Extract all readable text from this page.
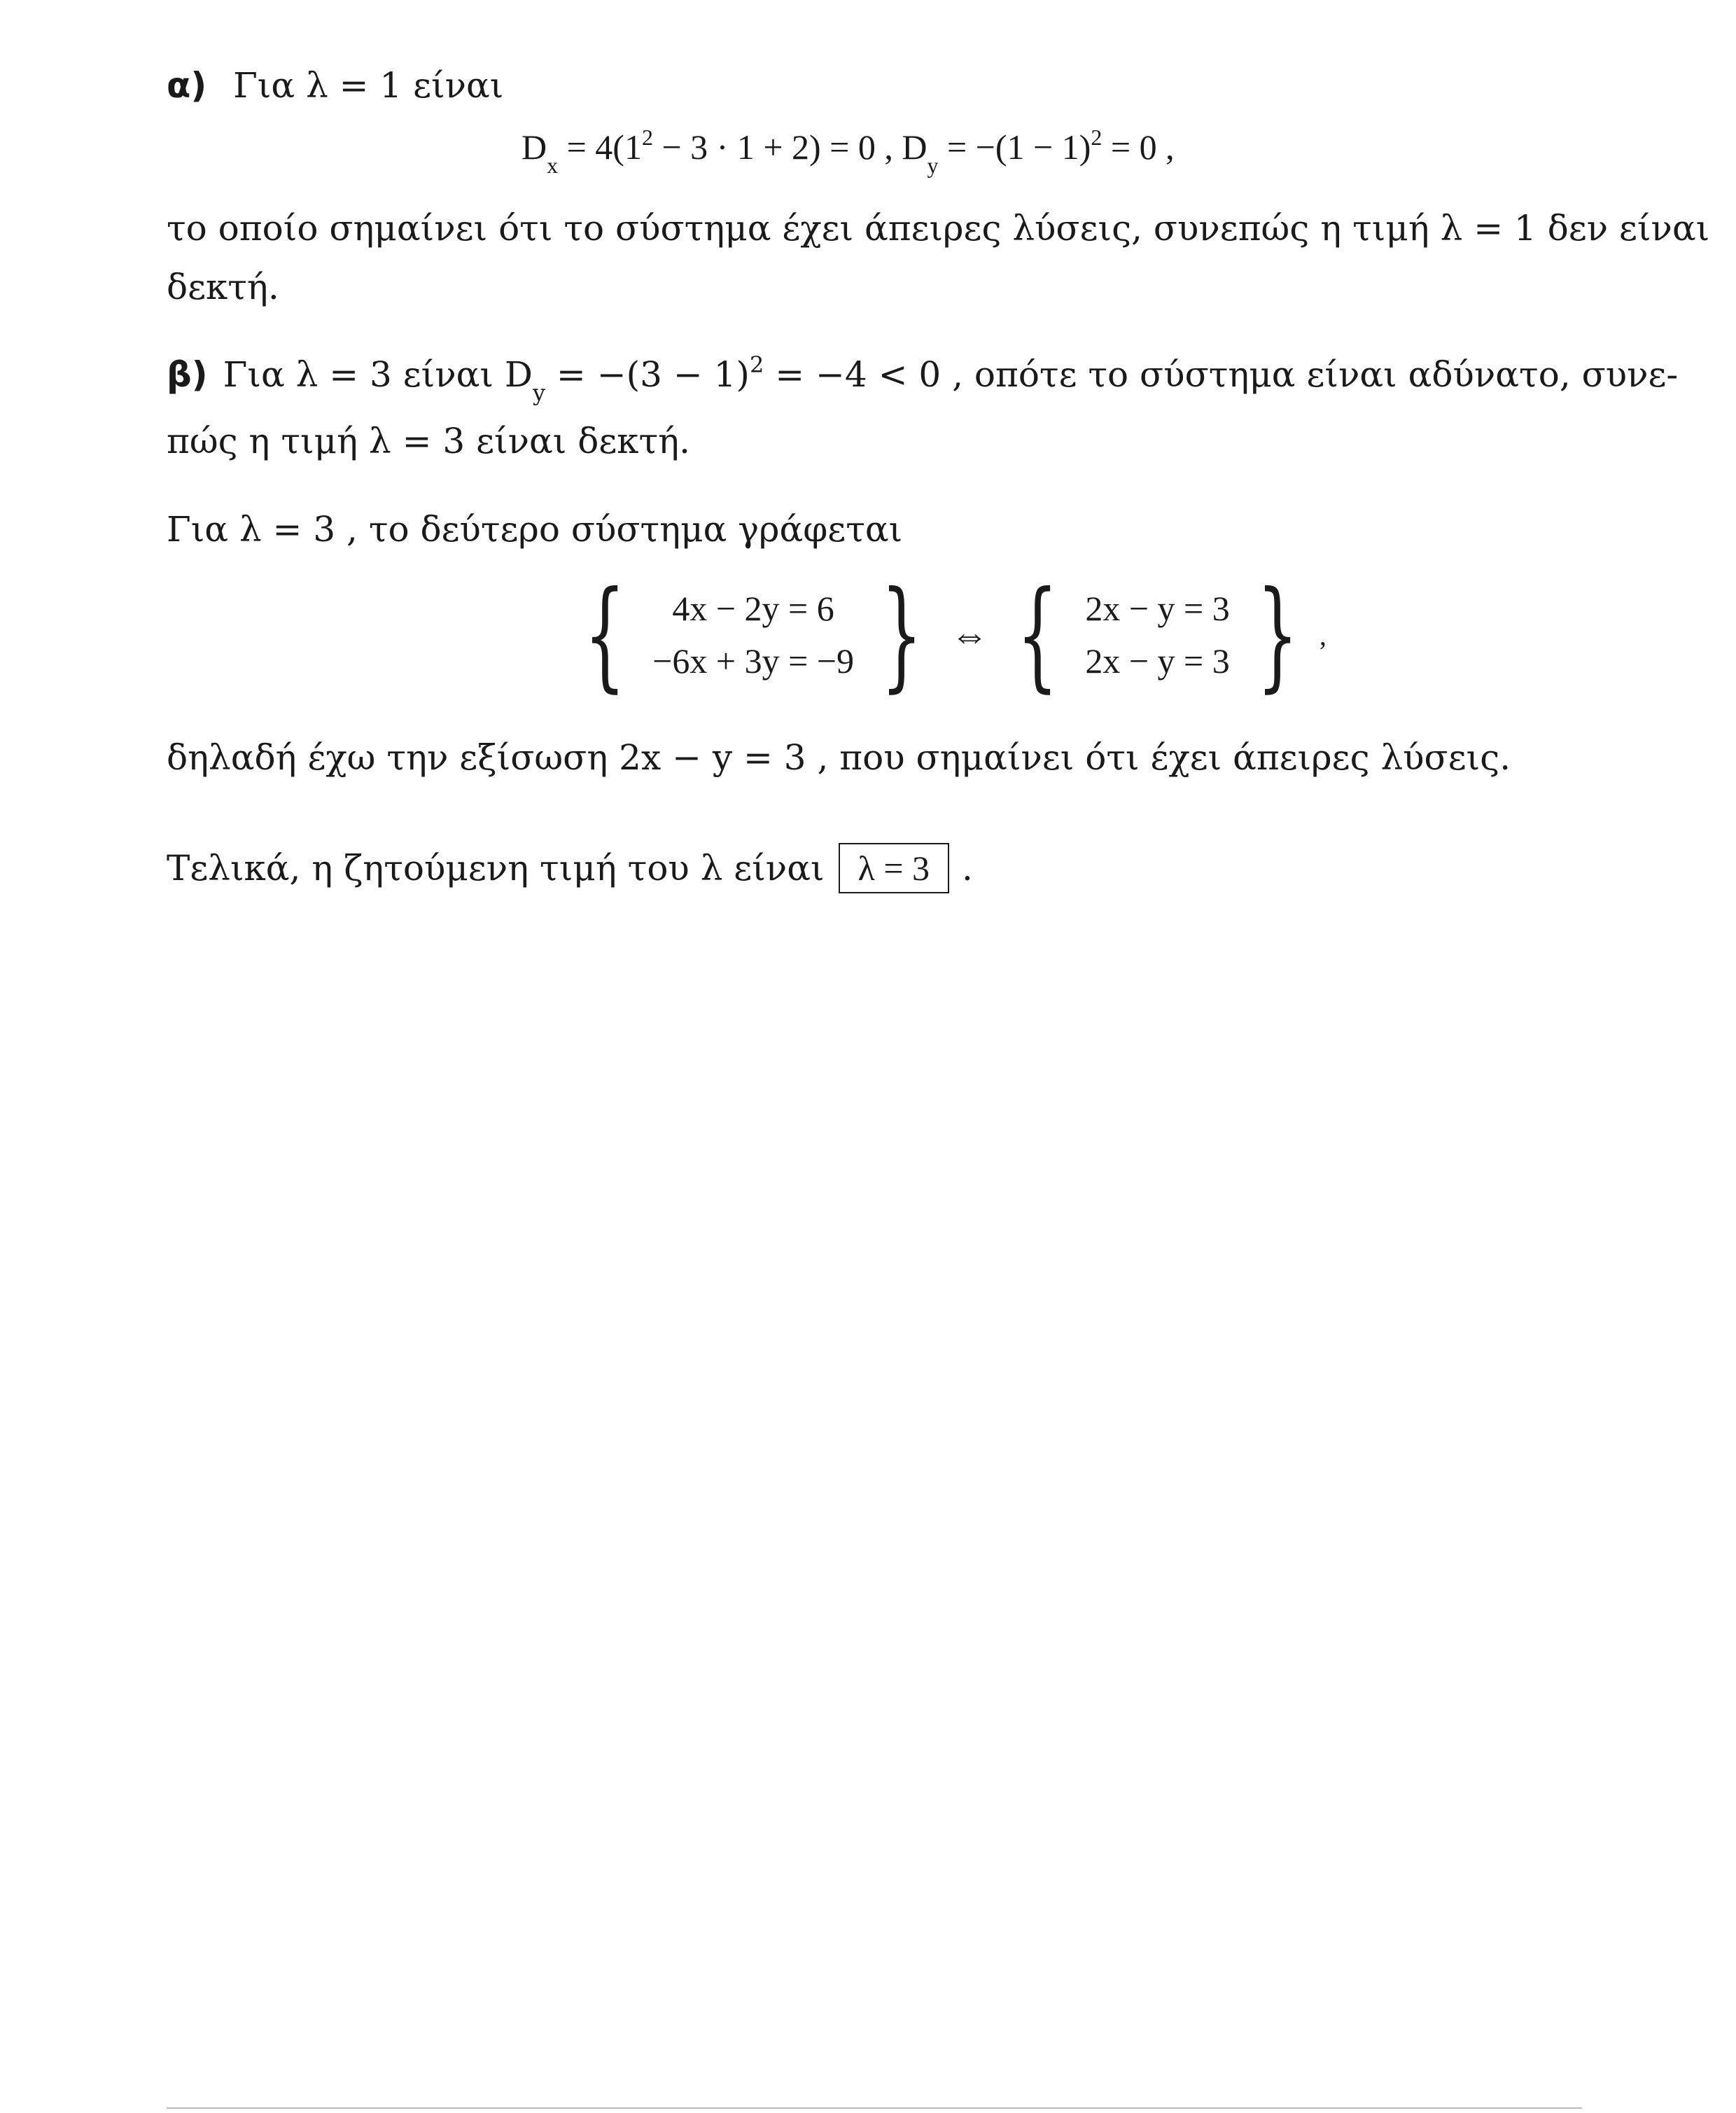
α) Για λ = 1 είναι
$D_x = 4(1^2 - 3 \cdot 1 + 2) = 0$ , $D_y = -(1 - 1)^2 = 0$ ,
το οποίο σημαίνει ότι το σύστημα έχει άπειρες λύσεις, συνεπώς η τιμή λ = 1 δεν είναι
δεκτή.
β) Για λ = 3 είναι $D_y = -(3 - 1)^2 = -4 < 0$ , οπότε το σύστημα είναι αδύνατο, συνε-
πώς η τιμή λ = 3 είναι δεκτή.
Για λ = 3 , το δεύτερο σύστημα γράφεται
{ 4x − 2y = 6
−6x + 3y = −9 } ⇔ { 2x − y = 3
2x − y = 3 } ,
δηλαδή έχω την εξίσωση 2x − y = 3 , που σημαίνει ότι έχει άπειρες λύσεις.
Τελικά, η ζητούμενη τιμή του λ είναι λ = 3 .
